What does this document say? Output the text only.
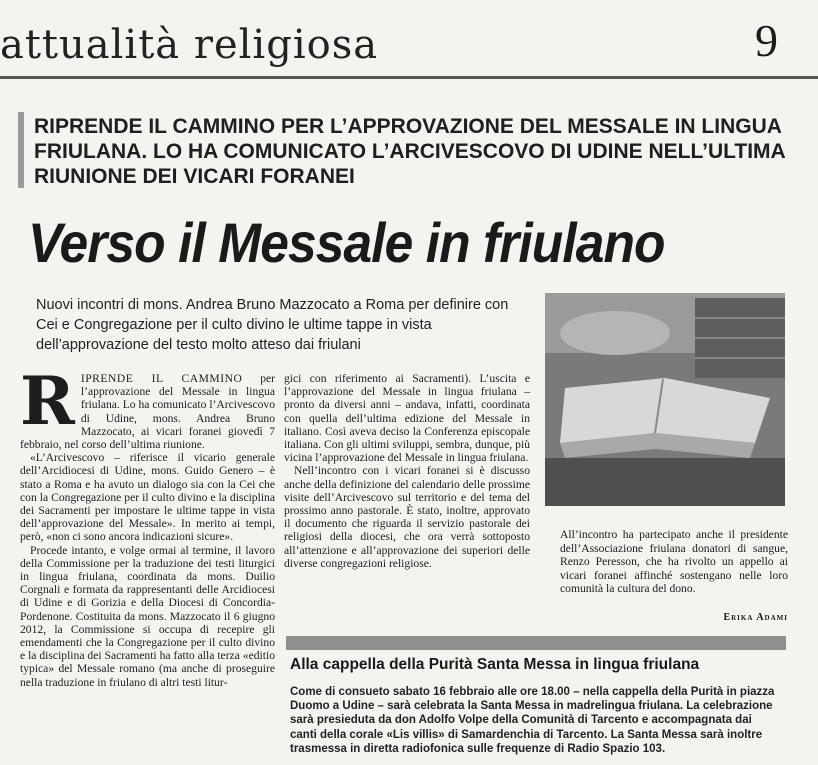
attualità religiosa	9
RIPRENDE IL CAMMINO PER L’APPROVAZIONE DEL MESSALE IN LINGUA FRIULANA. LO HA COMUNICATO L’ARCIVESCOVO DI UDINE NELL’ULTIMA RIUNIONE DEI VICARI FORANEI
Verso il Messale in friulano
Nuovi incontri di mons. Andrea Bruno Mazzocato a Roma per definire con Cei e Congregazione per il culto divino le ultime tappe in vista dell’approvazione del testo molto atteso dai friulani

RIPRENDE IL CAMMINO per l’approvazione del Messale in lingua friulana. Lo ha comunicato l’Arcivescovo di Udine, mons. Andrea Bruno Mazzocato, ai vicari foranei giovedì 7 febbraio, nel corso dell’ultima riunione.

«L’Arcivescovo – riferisce il vicario generale dell’Arcidiocesi di Udine, mons. Guido Genero – è stato a Roma e ha avuto un dialogo sia con la Cei che con la Congregazione per il culto divino e la disciplina dei Sacramenti per impostare le ultime tappe in vista dell’approvazione del Messale». In merito ai tempi, però, «non ci sono ancora indicazioni sicure».

Procede intanto, e volge ormai al termine, il lavoro della Commissione per la traduzione dei testi liturgici in lingua friulana, coordinata da mons. Duilio Corgnali e formata da rappresentanti delle Arcidiocesi di Udine e di Gorizia e della Diocesi di Concordia-Pordenone. Costituita da mons. Mazzocato il 6 giugno 2012, la Commissione si occupa di recepire gli emendamenti che la Congregazione per il culto divino e la disciplina dei Sacramenti ha fatto alla terza «editio typica» del Messale romano (ma anche di proseguire nella traduzione in friulano di altri testi litur-

gici con riferimento ai Sacramenti). L’uscita e l’approvazione del Messale in lingua friulana – pronto da diversi anni – andava, infatti, coordinata con quella dell’ultima edizione del Messale in italiano. Così aveva deciso la Conferenza episcopale italiana. Con gli ultimi sviluppi, sembra, dunque, più vicina l’approvazione del Messale in lingua friulana.

Nell’incontro con i vicari foranei si è discusso anche della definizione del calendario delle prossime visite dell’Arcivescovo sul territorio e del tema del prossimo anno pastorale. È stato, inoltre, approvato il documento che riguarda il servizio pastorale dei religiosi della diocesi, che ora verrà sottoposto all’attenzione e all’approvazione dei superiori delle diverse congregazioni religiose.

All’incontro ha partecipato anche il presidente dell’Associazione friulana donatori di sangue, Renzo Peresson, che ha rivolto un appello ai vicari foranei affinché sostengano nelle loro comunità la cultura del dono.
Erika Adami
Alla cappella della Purità Santa Messa in lingua friulana
Come di consueto sabato 16 febbraio alle ore 18.00 – nella cappella della Purità in piazza Duomo a Udine – sarà celebrata la Santa Messa in madrelingua friulana. La celebrazione sarà presieduta da don Adolfo Volpe della Comunità di Tarcento e accompagnata dai canti della corale «Lis villis» di Samardenchia di Tarcento. La Santa Messa sarà inoltre trasmessa in diretta radiofonica sulle frequenze di Radio Spazio 103.
